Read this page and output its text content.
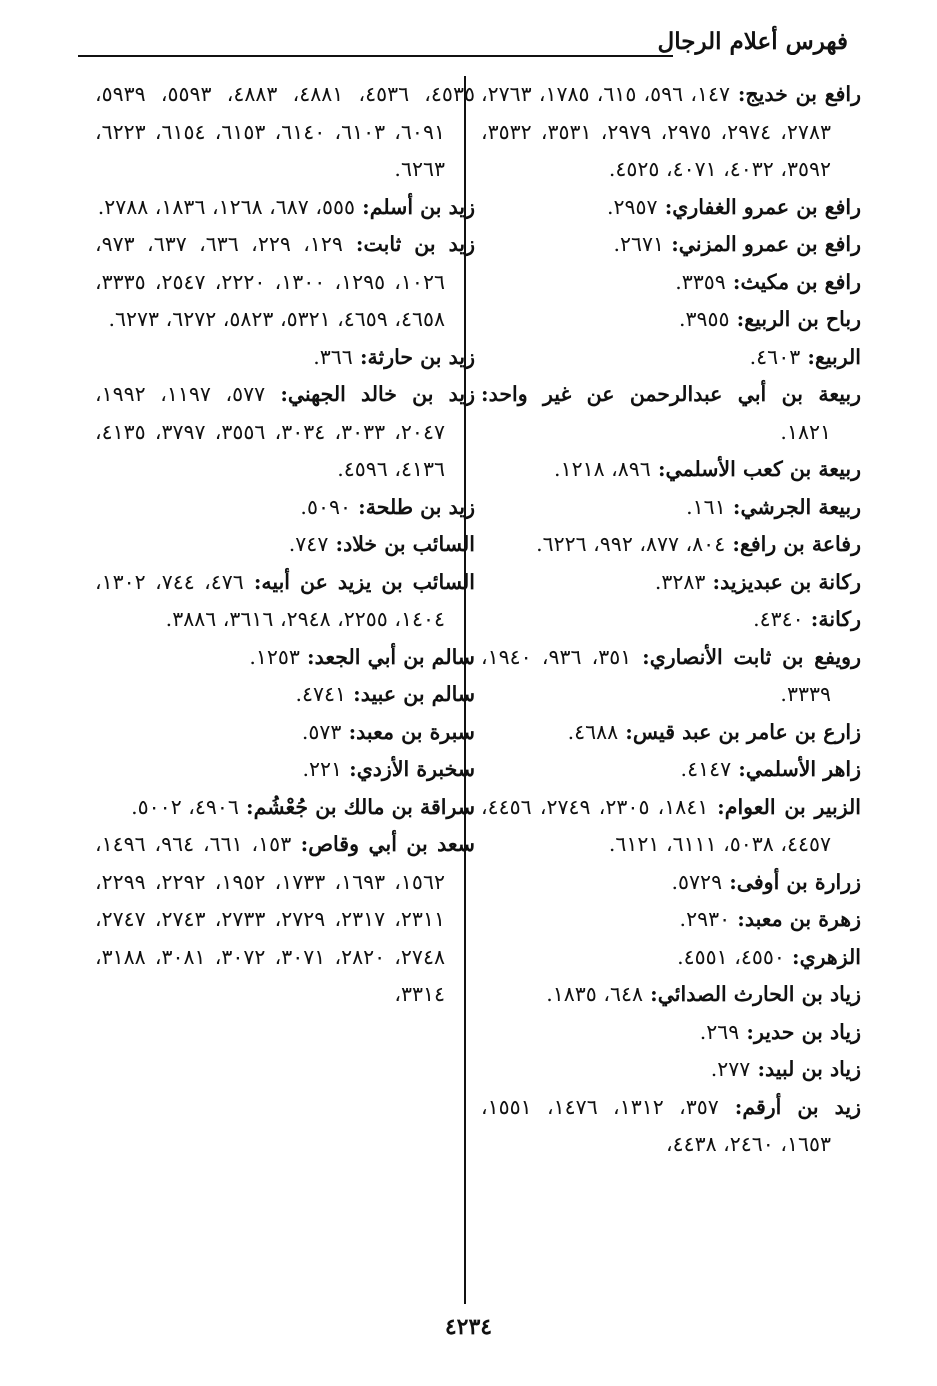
فهرس أعلام الرجال

رافع بن خديج: ١٤٧، ٥٩٦، ٦١٥، ١٧٨٥، ٢٧٦٣، ٢٧٨٣، ٢٩٧٤، ٢٩٧٥، ٢٩٧٩، ٣٥٣١، ٣٥٣٢، ٣٥٩٢، ٤٠٣٢، ٤٠٧١، ٤٥٢٥.

رافع بن عمرو الغفاري: ٢٩٥٧.

رافع بن عمرو المزني: ٢٦٧١.

رافع بن مكيث: ٣٣٥٩.

رباح بن الربيع: ٣٩٥٥.

الربيع: ٤٦٠٣.

ربيعة بن أبي عبدالرحمن عن غير واحد: ١٨٢١.

ربيعة بن كعب الأسلمي: ٨٩٦، ١٢١٨.

ربيعة الجرشي: ١٦١.

رفاعة بن رافع: ٨٠٤، ٨٧٧، ٩٩٢، ٦٢٢٦.

ركانة بن عبديزيد: ٣٢٨٣.

ركانة: ٤٣٤٠.

رويفع بن ثابت الأنصاري: ٣٥١، ٩٣٦، ١٩٤٠، ٣٣٣٩.

زارع بن عامر بن عبد قيس: ٤٦٨٨.

زاهر الأسلمي: ٤١٤٧.

الزبير بن العوام: ١٨٤١، ٢٣٠٥، ٢٧٤٩، ٤٤٥٦، ٤٤٥٧، ٥٠٣٨، ٦١١١، ٦١٢١.

زرارة بن أوفى: ٥٧٢٩.

زهرة بن معبد: ٢٩٣٠.

الزهري: ٤٥٥٠، ٤٥٥١.

زياد بن الحارث الصدائي: ٦٤٨، ١٨٣٥.

زياد بن حدير: ٢٦٩.

زياد بن لبيد: ٢٧٧.

زيد بن أرقم: ٣٥٧، ١٣١٢، ١٤٧٦، ١٥٥١، ١٦٥٣، ٢٤٦٠، ٤٤٣٨،

٤٥٣٥، ٤٥٣٦، ٤٨٨١، ٤٨٨٣، ٥٥٩٣، ٥٩٣٩، ٦٠٩١، ٦١٠٣، ٦١٤٠، ٦١٥٣، ٦١٥٤، ٦٢٢٣، ٦٢٦٣.

زيد بن أسلم: ٥٥٥، ٦٨٧، ١٢٦٨، ١٨٣٦، ٢٧٨٨.

زيد بن ثابت: ١٢٩، ٢٢٩، ٦٣٦، ٦٣٧، ٩٧٣، ١٠٢٦، ١٢٩٥، ١٣٠٠، ٢٢٢٠، ٢٥٤٧، ٣٣٣٥، ٤٦٥٨، ٤٦٥٩، ٥٣٢١، ٥٨٢٣، ٦٢٧٢، ٦٢٧٣.

زيد بن حارثة: ٣٦٦.

زيد بن خالد الجهني: ٥٧٧، ١١٩٧، ١٩٩٢، ٢٠٤٧، ٣٠٣٣، ٣٠٣٤، ٣٥٥٦، ٣٧٩٧، ٤١٣٥، ٤١٣٦، ٤٥٩٦.

زيد بن طلحة: ٥٠٩٠.

السائب بن خلاد: ٧٤٧.

السائب بن يزيد عن أبيه: ٤٧٦، ٧٤٤، ١٣٠٢، ١٤٠٤، ٢٢٥٥، ٢٩٤٨، ٣٦١٦، ٣٨٨٦.

سالم بن أبي الجعد: ١٢٥٣.

سالم بن عبيد: ٤٧٤١.

سبرة بن معبد: ٥٧٣.

سخبرة الأزدي: ٢٢١.

سراقة بن مالك بن جُعْشُم: ٤٩٠٦، ٥٠٠٢.

سعد بن أبي وقاص: ١٥٣، ٦٦١، ٩٦٤، ١٤٩٦، ١٥٦٢، ١٦٩٣، ١٧٣٣، ١٩٥٢، ٢٢٩٢، ٢٢٩٩، ٢٣١١، ٢٣١٧، ٢٧٢٩، ٢٧٣٣، ٢٧٤٣، ٢٧٤٧، ٢٧٤٨، ٢٨٢٠، ٣٠٧١، ٣٠٧٢، ٣٠٨١، ٣١٨٨، ٣٣١٤،

٤٢٣٤
